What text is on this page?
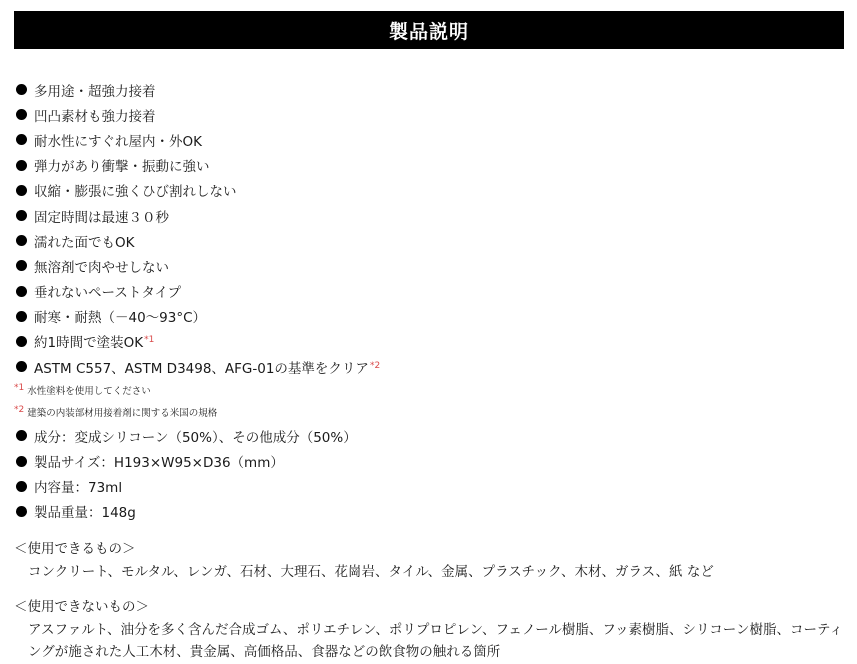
製品説明
多用途・超強力接着
凹凸素材も強力接着
耐水性にすぐれ屋内・外OK
弾力があり衝撃・振動に強い
収縮・膨張に強くひび割れしない
固定時間は最速３０秒
濡れた面でもOK
無溶剤で肉やせしない
垂れないペーストタイプ
耐寒・耐熱（－40～93°C）
約1時間で塗装OK *1
ASTM C557、ASTM D3498、AFG-01の基準をクリア *2
*1 水性塗料を使用してください
*2 建築の内装部材用接着剤に関する米国の規格
成分：変成シリコーン（50%）、その他成分（50%）
製品サイズ：H193×W95×D36（mm）
内容量：73ml
製品重量：148g
＜使用できるもの＞
コンクリート、モルタル、レンガ、石材、大理石、花崗岩、タイル、金属、プラスチック、木材、ガラス、紙 など
＜使用できないもの＞
アスファルト、油分を多く含んだ合成ゴム、ポリエチレン、ポリプロピレン、フェノール樹脂、フッ素樹脂、シリコーン樹脂、コーティングが施された人工木材、貴金属、高価格品、食器などの飲食物の触れる箇所
